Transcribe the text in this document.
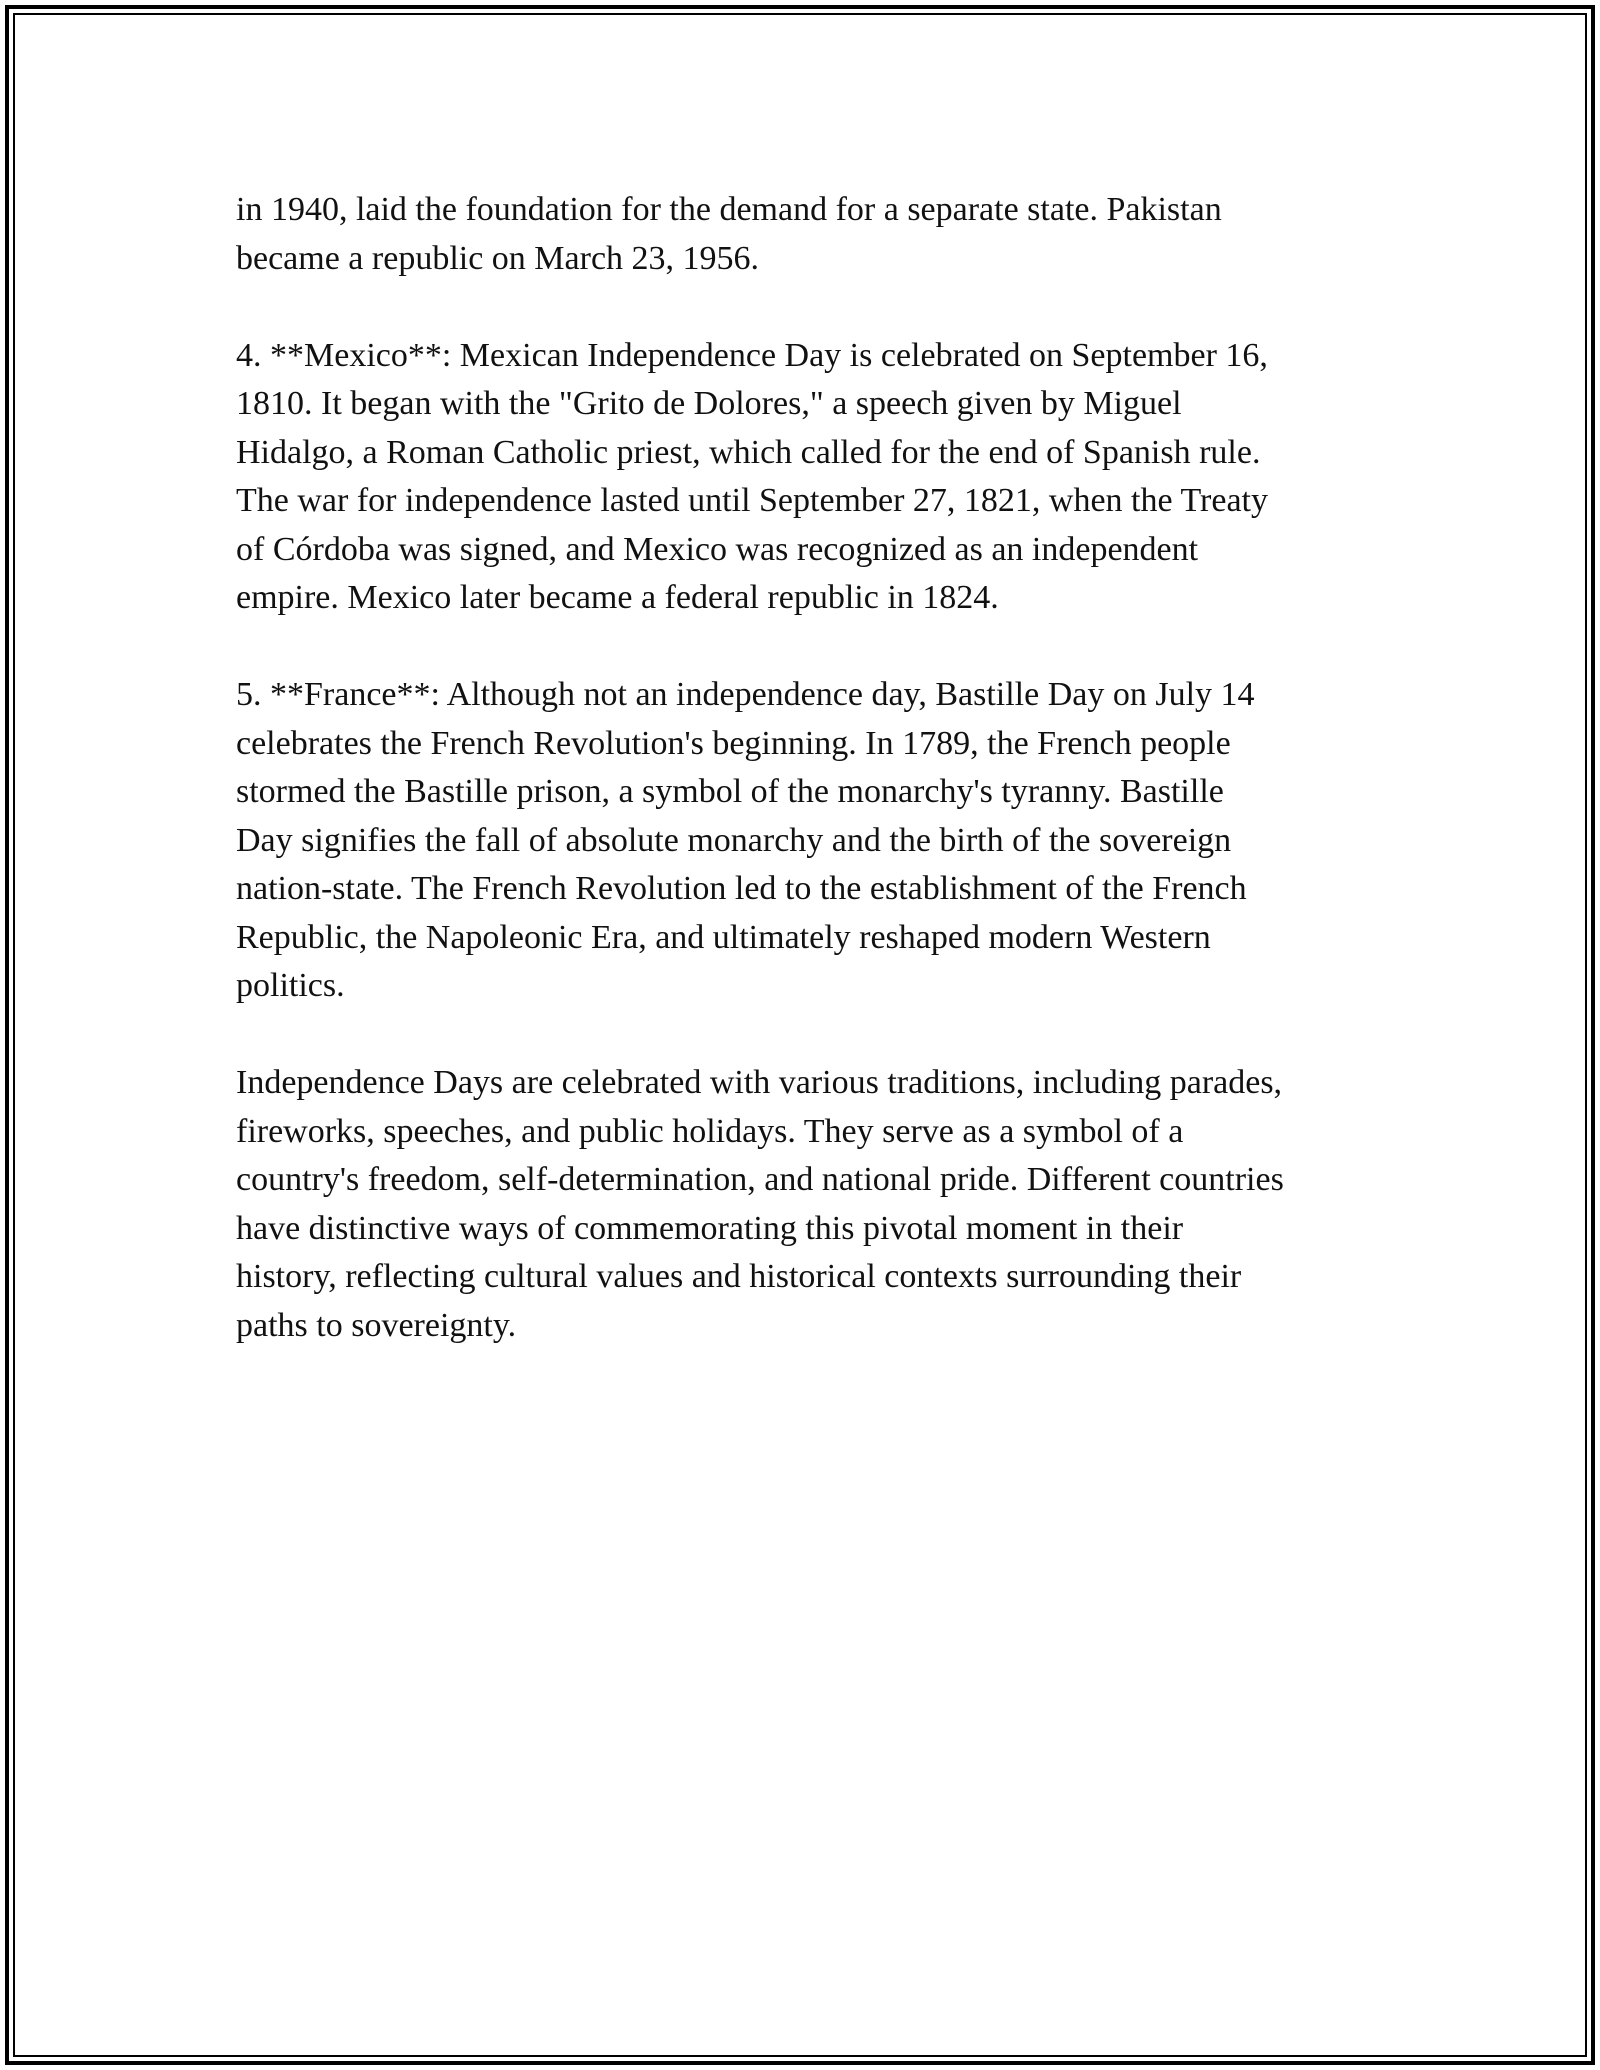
in 1940, laid the foundation for the demand for a separate state. Pakistan
became a republic on March 23, 1956.

4. **Mexico**: Mexican Independence Day is celebrated on September 16,
1810. It began with the "Grito de Dolores," a speech given by Miguel
Hidalgo, a Roman Catholic priest, which called for the end of Spanish rule.
The war for independence lasted until September 27, 1821, when the Treaty
of Córdoba was signed, and Mexico was recognized as an independent
empire. Mexico later became a federal republic in 1824.

5. **France**: Although not an independence day, Bastille Day on July 14
celebrates the French Revolution's beginning. In 1789, the French people
stormed the Bastille prison, a symbol of the monarchy's tyranny. Bastille
Day signifies the fall of absolute monarchy and the birth of the sovereign
nation-state. The French Revolution led to the establishment of the French
Republic, the Napoleonic Era, and ultimately reshaped modern Western
politics.

Independence Days are celebrated with various traditions, including parades,
fireworks, speeches, and public holidays. They serve as a symbol of a
country's freedom, self-determination, and national pride. Different countries
have distinctive ways of commemorating this pivotal moment in their
history, reflecting cultural values and historical contexts surrounding their
paths to sovereignty.
